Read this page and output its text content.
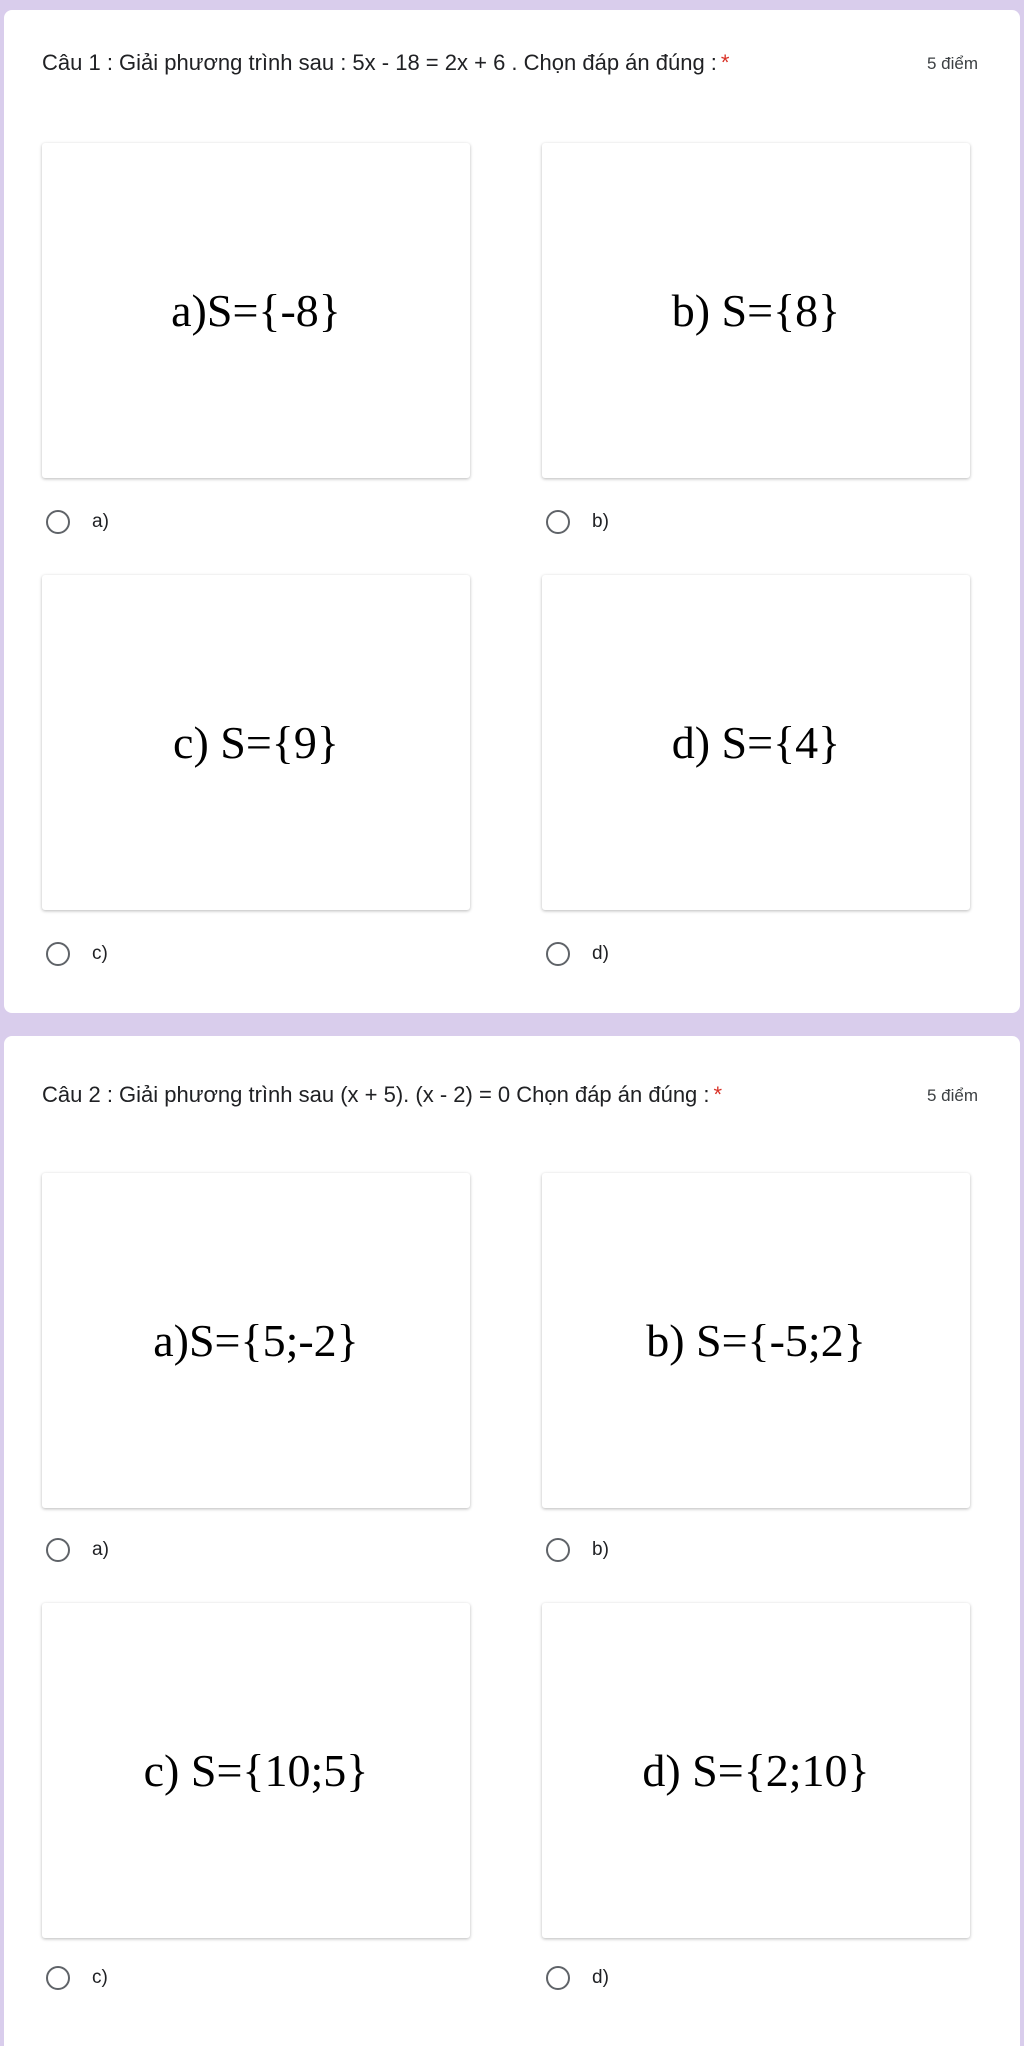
Câu 1 : Giải phương trình sau : 5x - 18 = 2x + 6 . Chọn đáp án đúng : *	5 điểm
a)S={-8}	b) S={8}
a)	b)
c) S={9}	d) S={4}
c)	d)
Câu 2 : Giải phương trình sau (x + 5). (x - 2) = 0 Chọn đáp án đúng : *	5 điểm
a)S={5;-2}	b) S={-5;2}
a)	b)
c) S={10;5}	d) S={2;10}
c)	d)
